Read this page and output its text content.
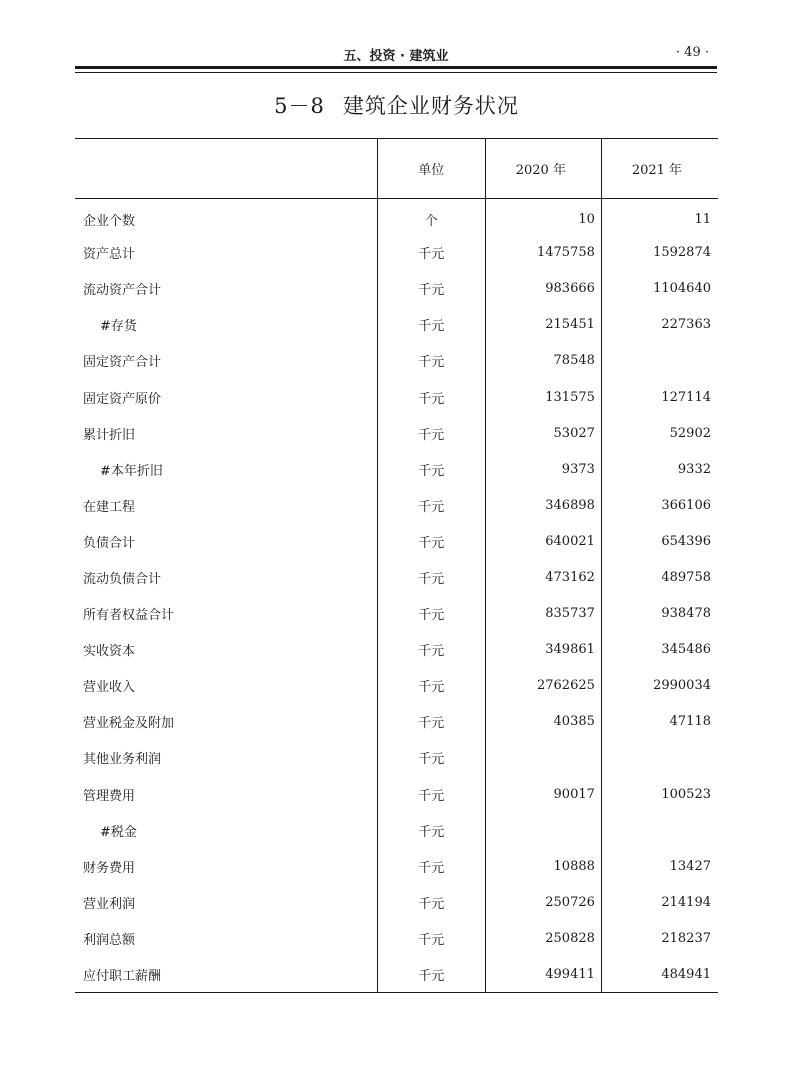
五、投资 · 建筑业	· 49 ·
5－8 建筑企业财务状况
	单位	2020 年	2021 年
企业个数	个	10	11
资产总计	千元	1475758	1592874
流动资产合计	千元	983666	1104640
#存货	千元	215451	227363
固定资产合计	千元	78548	
固定资产原价	千元	131575	127114
累计折旧	千元	53027	52902
#本年折旧	千元	9373	9332
在建工程	千元	346898	366106
负债合计	千元	640021	654396
流动负债合计	千元	473162	489758
所有者权益合计	千元	835737	938478
实收资本	千元	349861	345486
营业收入	千元	2762625	2990034
营业税金及附加	千元	40385	47118
其他业务利润	千元		
管理费用	千元	90017	100523
#税金	千元		
财务费用	千元	10888	13427
营业利润	千元	250726	214194
利润总额	千元	250828	218237
应付职工薪酬	千元	499411	484941
